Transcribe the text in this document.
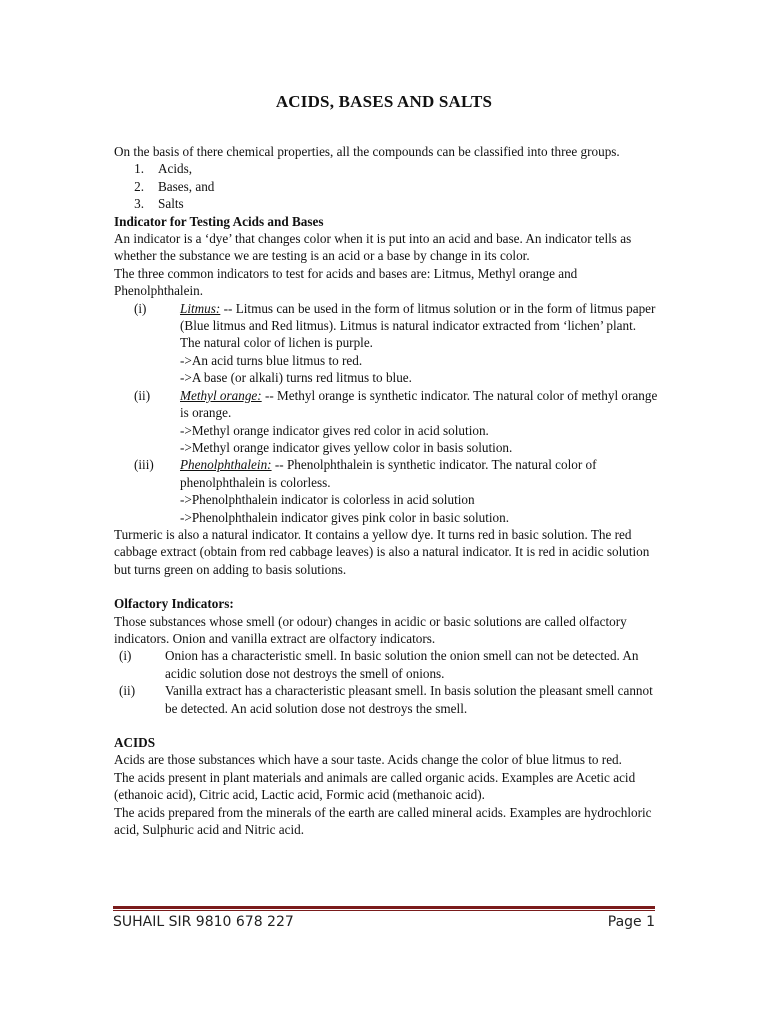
ACIDS, BASES AND SALTS

On the basis of there chemical properties, all the compounds can be classified into three groups.

1.	Acids,
2.	Bases, and
3.	Salts

Indicator for Testing Acids and Bases

An indicator is a ‘dye’ that changes color when it is put into an acid and base. An indicator tells as whether the substance we are testing is an acid or a base by change in its color.

The three common indicators to test for acids and bases are: Litmus, Methyl orange and Phenolphthalein.

(i)	Litmus: -- Litmus can be used in the form of litmus solution or in the form of litmus paper (Blue litmus and Red litmus). Litmus is natural indicator extracted from ‘lichen’ plant. The natural color of lichen is purple.
->An acid turns blue litmus to red.
->A base (or alkali) turns red litmus to blue.
(ii)	Methyl orange: -- Methyl orange is synthetic indicator. The natural color of methyl orange is orange.
->Methyl orange indicator gives red color in acid solution.
->Methyl orange indicator gives yellow color in basis solution.
(iii)	Phenolphthalein: -- Phenolphthalein is synthetic indicator. The natural color of phenolphthalein is colorless.
->Phenolphthalein indicator is colorless in acid solution
->Phenolphthalein indicator gives pink color in basic solution.

Turmeric is also a natural indicator. It contains a yellow dye. It turns red in basic solution. The red cabbage extract (obtain from red cabbage leaves) is also a natural indicator. It is red in acidic solution but turns green on adding to basis solutions.

Olfactory Indicators:

Those substances whose smell (or odour) changes in acidic or basic solutions are called olfactory indicators. Onion and vanilla extract are olfactory indicators.

(i)	Onion has a characteristic smell. In basic solution the onion smell can not be detected. An acidic solution dose not destroys the smell of onions.
(ii)	Vanilla extract has a characteristic pleasant smell. In basis solution the pleasant smell cannot be detected. An acid solution dose not destroys the smell.

ACIDS

Acids are those substances which have a sour taste. Acids change the color of blue litmus to red.

The acids present in plant materials and animals are called organic acids. Examples are Acetic acid (ethanoic acid), Citric acid, Lactic acid, Formic acid (methanoic acid).

The acids prepared from the minerals of the earth are called mineral acids. Examples are hydrochloric acid, Sulphuric acid and Nitric acid.

SUHAIL SIR 9810 678 227	Page 1
